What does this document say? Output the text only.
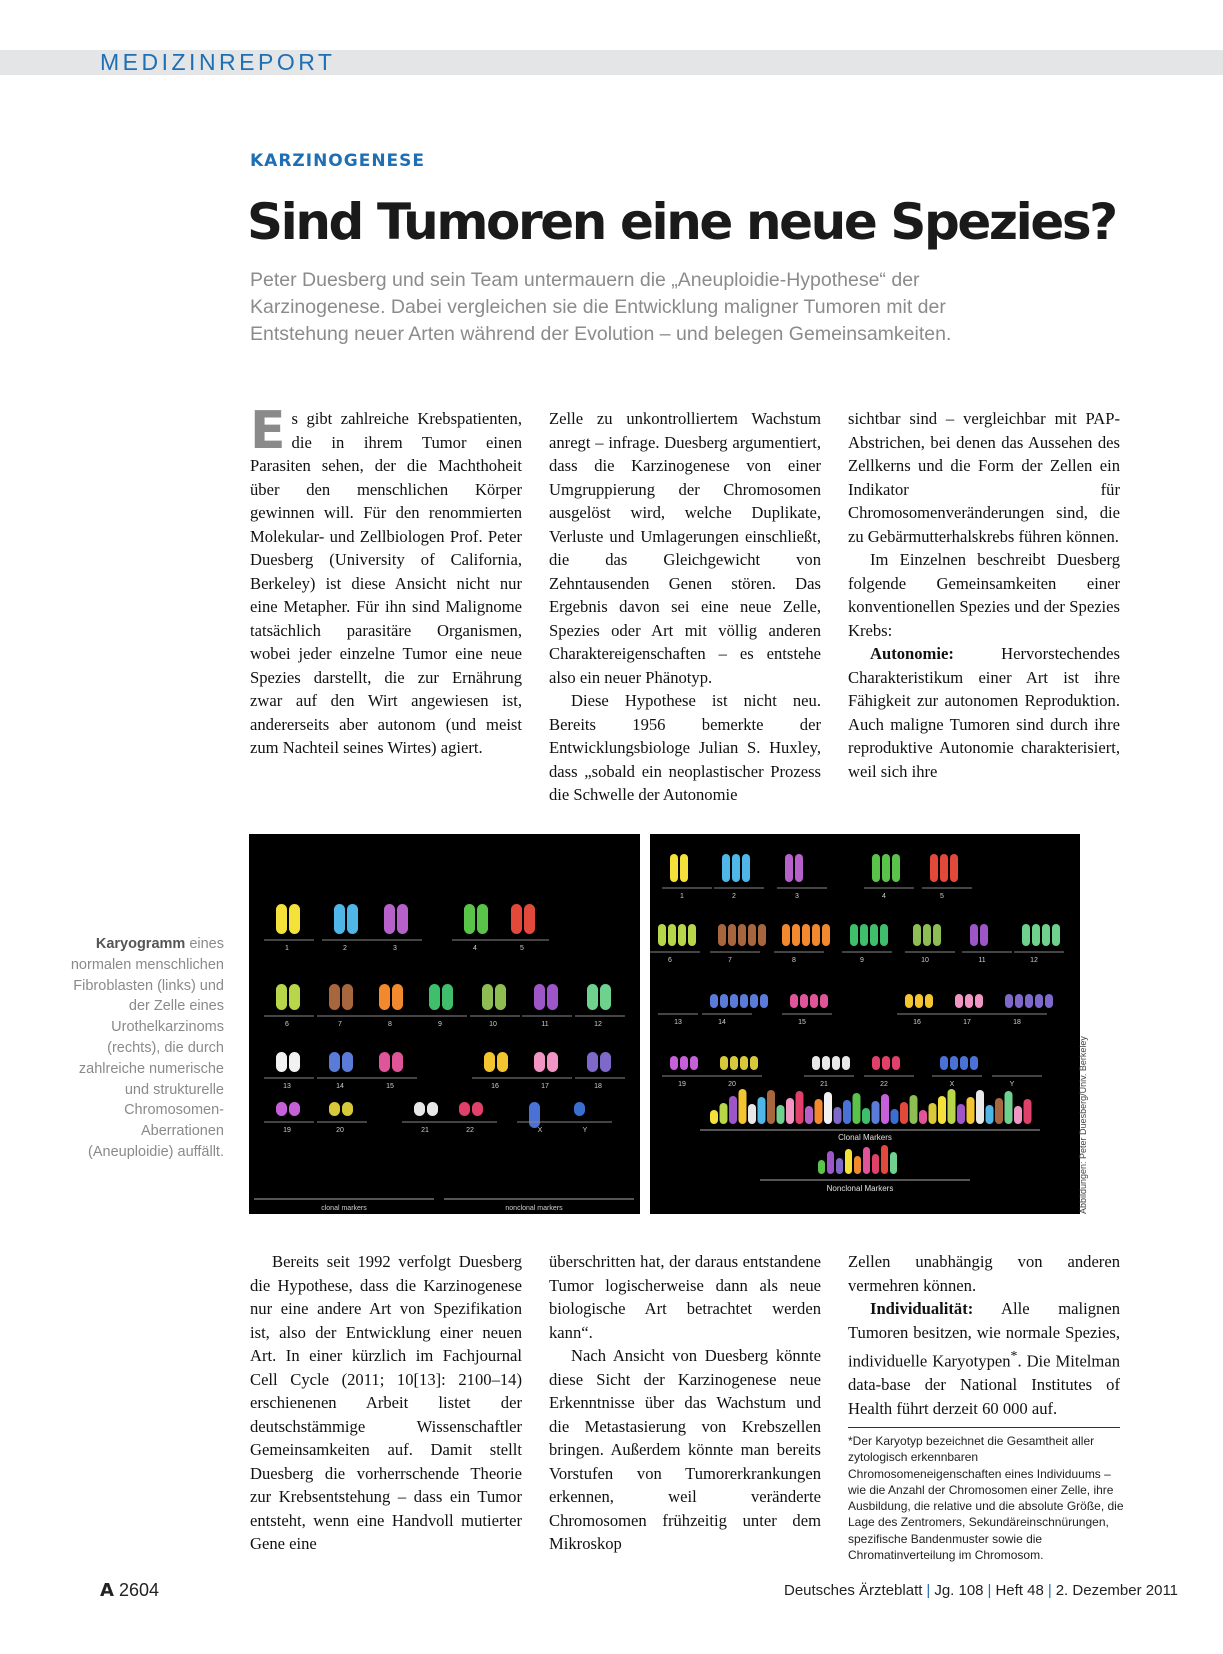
MEDIZINREPORT
KARZINOGENESE
Sind Tumoren eine neue Spezies?
Peter Duesberg und sein Team untermauern die „Aneuploidie-Hypothese“ der
Karzinogenese. Dabei vergleichen sie die Entwicklung maligner Tumoren mit der
Entstehung neuer Arten während der Evolution – und belegen Gemeinsamkeiten.

Es gibt zahlreiche Krebspatienten, die in ihrem Tumor einen Parasiten sehen, der die Machthoheit über den menschlichen Körper gewinnen will. Für den renommierten Molekular- und Zellbiologen Prof. Peter Duesberg (University of California, Berkeley) ist diese Ansicht nicht nur eine Metapher. Für ihn sind Malignome tatsächlich parasitäre Organismen, wobei jeder einzelne Tumor eine neue Spezies darstellt, die zur Ernährung zwar auf den Wirt angewiesen ist, andererseits aber autonom (und meist zum Nachteil seines Wirtes) agiert.

Zelle zu unkontrolliertem Wachstum anregt – infrage. Duesberg argumentiert, dass die Karzinogenese von einer Umgruppierung der Chromosomen ausgelöst wird, welche Duplikate, Verluste und Umlagerungen einschließt, die das Gleichgewicht von Zehntausenden Genen stören. Das Ergebnis davon sei eine neue Zelle, Spezies oder Art mit völlig anderen Charaktereigenschaften – es entstehe also ein neuer Phänotyp.

Diese Hypothese ist nicht neu. Bereits 1956 bemerkte der Entwicklungsbiologe Julian S. Huxley, dass „sobald ein neoplastischer Prozess die Schwelle der Autonomie

sichtbar sind – vergleichbar mit PAP-Abstrichen, bei denen das Aussehen des Zellkerns und die Form der Zellen ein Indikator für Chromosomenveränderungen sind, die zu Gebärmutterhalskrebs führen können.

Im Einzelnen beschreibt Duesberg folgende Gemeinsamkeiten einer konventionellen Spezies und der Spezies Krebs:

Autonomie: Hervorstechendes Charakteristikum einer Art ist ihre Fähigkeit zur autonomen Reproduktion. Auch maligne Tumoren sind durch ihre reproduktive Autonomie charakterisiert, weil sich ihre

Karyogramm eines normalen menschlichen Fibroblasten (links) und der Zelle eines Urothelkarzinoms (rechts), die durch zahlreiche numerische und strukturelle Chromosomen-Aberrationen (Aneuploidie) auffällt.
1	2	3	4	5
6	7	8	9	10	11	12
13	14	15	16	17	18
19	20	21	22	X	Y
clonal markers	nonclonal markers
1	2	3	4	5
6	7	8	9	10	11	12
14	15	16	17	18
19	20	21	22	X	Y
13
Clonal Markers
Nonclonal Markers	Abbildungen: Peter Duesberg/Univ. Berkeley

Bereits seit 1992 verfolgt Duesberg die Hypothese, dass die Karzinogenese nur eine andere Art von Spezifikation ist, also der Entwicklung einer neuen Art. In einer kürzlich im Fachjournal Cell Cycle (2011; 10[13]: 2100–14) erschienenen Arbeit listet der deutschstämmige Wissenschaftler Gemeinsamkeiten auf. Damit stellt Duesberg die vorherrschende Theorie zur Krebsentstehung – dass ein Tumor entsteht, wenn eine Handvoll mutierter Gene eine

überschritten hat, der daraus entstandene Tumor logischerweise dann als neue biologische Art betrachtet werden kann“.

Nach Ansicht von Duesberg könnte diese Sicht der Karzinogenese neue Erkenntnisse über das Wachstum und die Metastasierung von Krebszellen bringen. Außerdem könnte man bereits Vorstufen von Tumorerkrankungen erkennen, weil veränderte Chromosomen frühzeitig unter dem Mikroskop

Zellen unabhängig von anderen vermehren können.

Individualität: Alle malignen Tumoren besitzen, wie normale Spezies, individuelle Karyotypen*. Die Mitelman data-base der National Institutes of Health führt derzeit 60 000 auf.

*Der Karyotyp bezeichnet die Gesamtheit aller zytologisch erkennbaren Chromosomeneigenschaften eines Individuums – wie die Anzahl der Chromosomen einer Zelle, ihre Ausbildung, die relative und die absolute Größe, die Lage des Zentromers, Sekundäreinschnürungen, spezifische Bandenmuster sowie die Chromatinverteilung im Chromosom.
A 2604	Deutsches Ärzteblatt | Jg. 108 | Heft 48 | 2. Dezember 2011
